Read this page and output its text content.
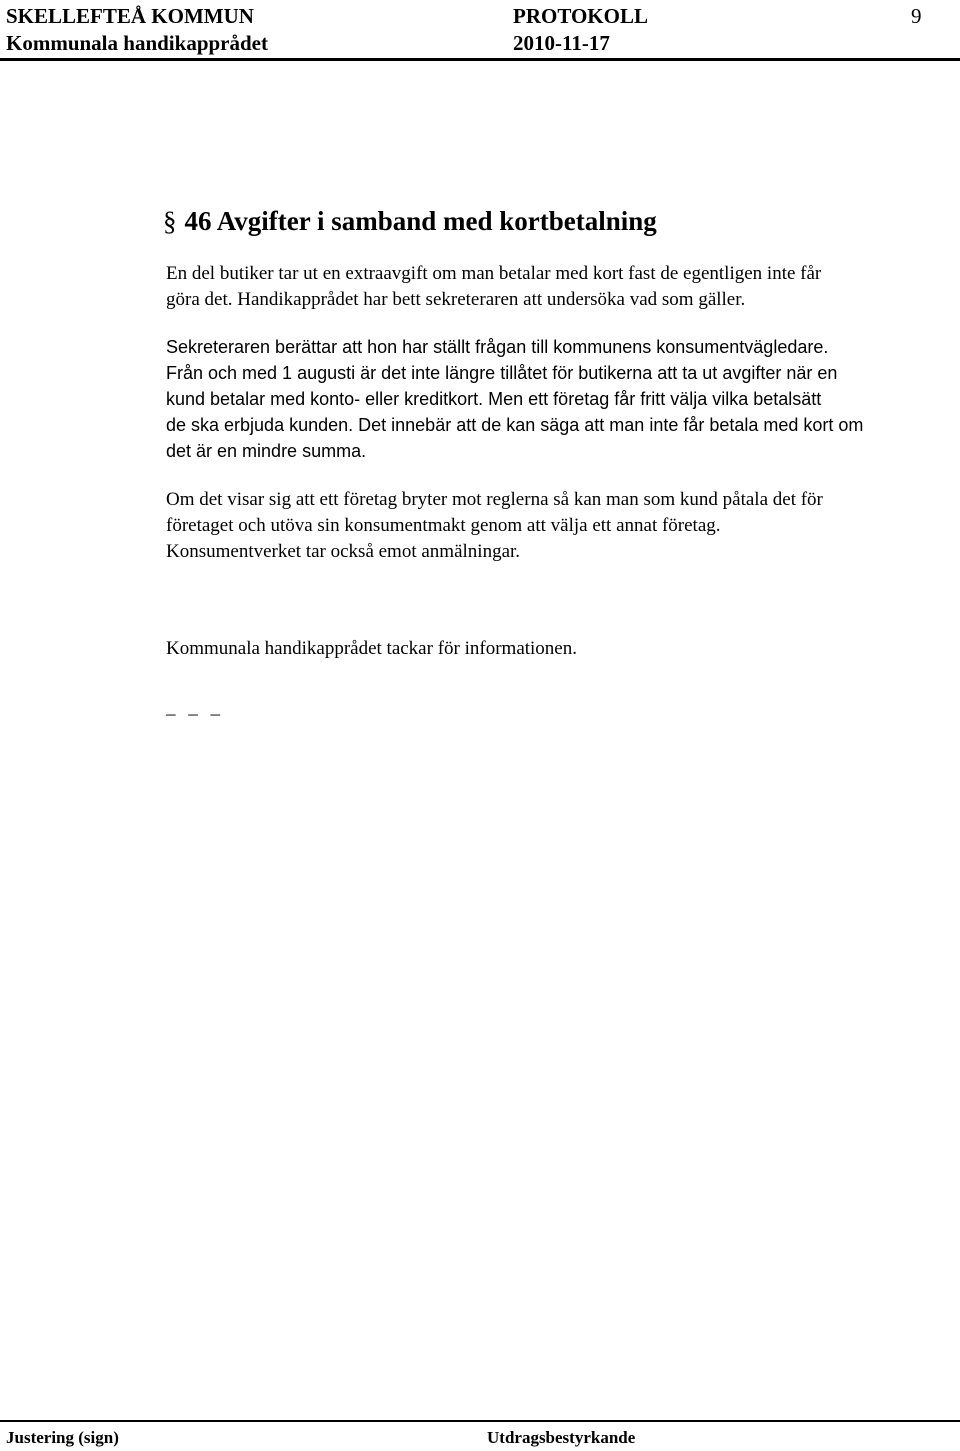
SKELLEFTEÅ KOMMUN
Kommunala handikapprådet
PROTOKOLL
2010-11-17
9
§ 46 Avgifter i samband med kortbetalning
En del butiker tar ut en extraavgift om man betalar med kort fast de egentligen inte får
göra det. Handikapprådet har bett sekreteraren att undersöka vad som gäller.
Sekreteraren berättar att hon har ställt frågan till kommunens konsumentvägledare.
Från och med 1 augusti är det inte längre tillåtet för butikerna att ta ut avgifter när en
kund betalar med konto- eller kreditkort. Men ett företag får fritt välja vilka betalsätt
de ska erbjuda kunden. Det innebär att de kan säga att man inte får betala med kort om
det är en mindre summa.
Om det visar sig att ett företag bryter mot reglerna så kan man som kund påtala det för
företaget och utöva sin konsumentmakt genom att välja ett annat företag.
Konsumentverket tar också emot anmälningar.
Kommunala handikapprådet tackar för informationen.
_ _ _
Justering (sign)	Utdragsbestyrkande
